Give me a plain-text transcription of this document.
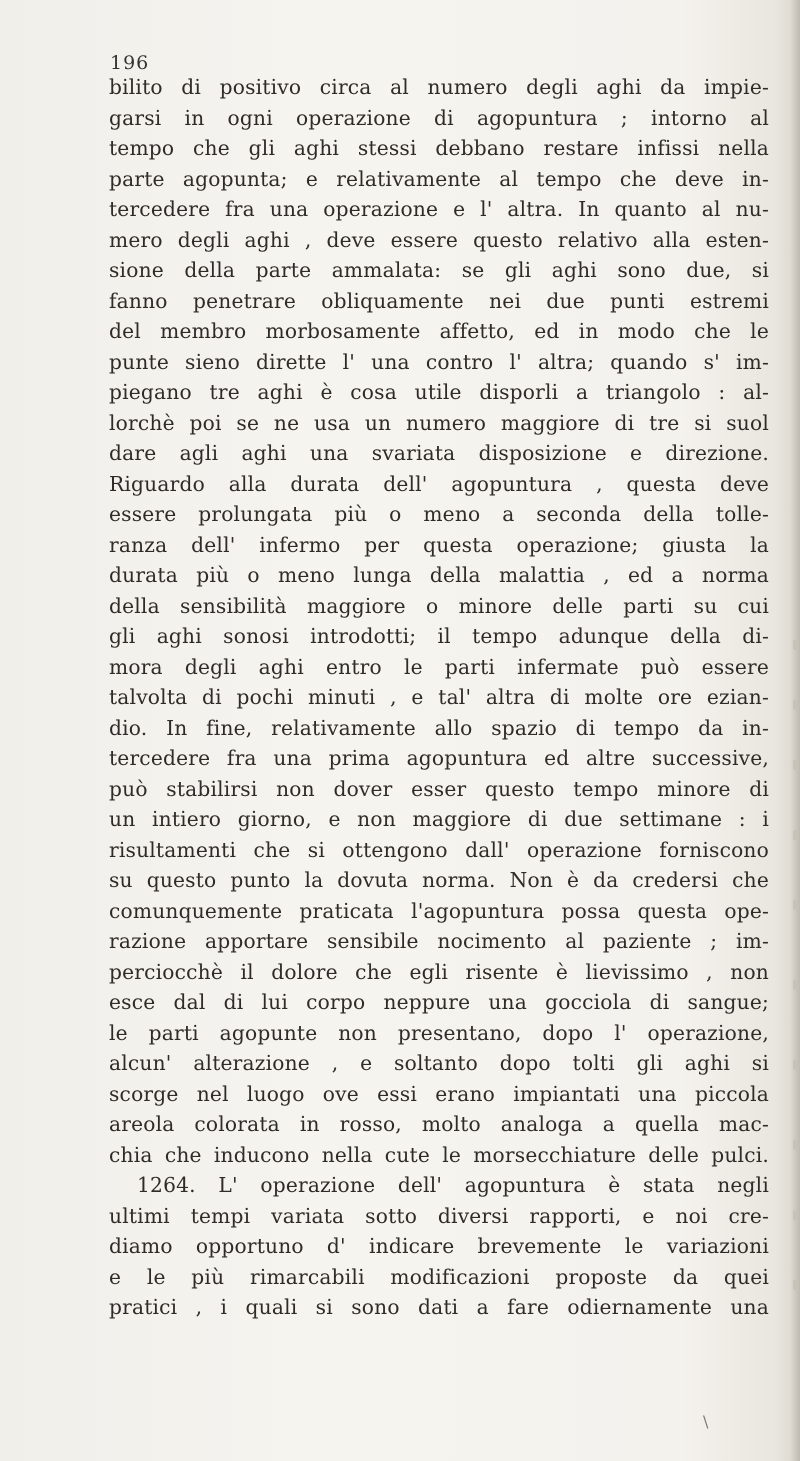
196
bilito di positivo circa al numero degli aghi da impie-
garsi in ogni operazione di agopuntura ; intorno al
tempo che gli aghi stessi debbano restare infissi nella
parte agopunta; e relativamente al tempo che deve in-
tercedere fra una operazione e l' altra. In quanto al nu-
mero degli aghi , deve essere questo relativo alla esten-
sione della parte ammalata: se gli aghi sono due, si
fanno penetrare obliquamente nei due punti estremi
del membro morbosamente affetto, ed in modo che le
punte sieno dirette l' una contro l' altra; quando s' im-
piegano tre aghi è cosa utile disporli a triangolo : al-
lorchè poi se ne usa un numero maggiore di tre si suol
dare agli aghi una svariata disposizione e direzione.
Riguardo alla durata dell' agopuntura , questa deve
essere prolungata più o meno a seconda della tolle-
ranza dell' infermo per questa operazione; giusta la
durata più o meno lunga della malattia , ed a norma
della sensibilità maggiore o minore delle parti su cui
gli aghi sonosi introdotti; il tempo adunque della di-
mora degli aghi entro le parti infermate può essere
talvolta di pochi minuti , e tal' altra di molte ore ezian-
dio. In fine, relativamente allo spazio di tempo da in-
tercedere fra una prima agopuntura ed altre successive,
può stabilirsi non dover esser questo tempo minore di
un intiero giorno, e non maggiore di due settimane : i
risultamenti che si ottengono dall' operazione forniscono
su questo punto la dovuta norma. Non è da credersi che
comunquemente praticata l'agopuntura possa questa ope-
razione apportare sensibile nocimento al paziente ; im-
perciocchè il dolore che egli risente è lievissimo , non
esce dal di lui corpo neppure una gocciola di sangue;
le parti agopunte non presentano, dopo l' operazione,
alcun' alterazione , e soltanto dopo tolti gli aghi si
scorge nel luogo ove essi erano impiantati una piccola
areola colorata in rosso, molto analoga a quella mac-
chia che inducono nella cute le morsecchiature delle pulci.
1264. L' operazione dell' agopuntura è stata negli
ultimi tempi variata sotto diversi rapporti, e noi cre-
diamo opportuno d' indicare brevemente le variazioni
e le più rimarcabili modificazioni proposte da quei
pratici , i quali si sono dati a fare odiernamente una
\
